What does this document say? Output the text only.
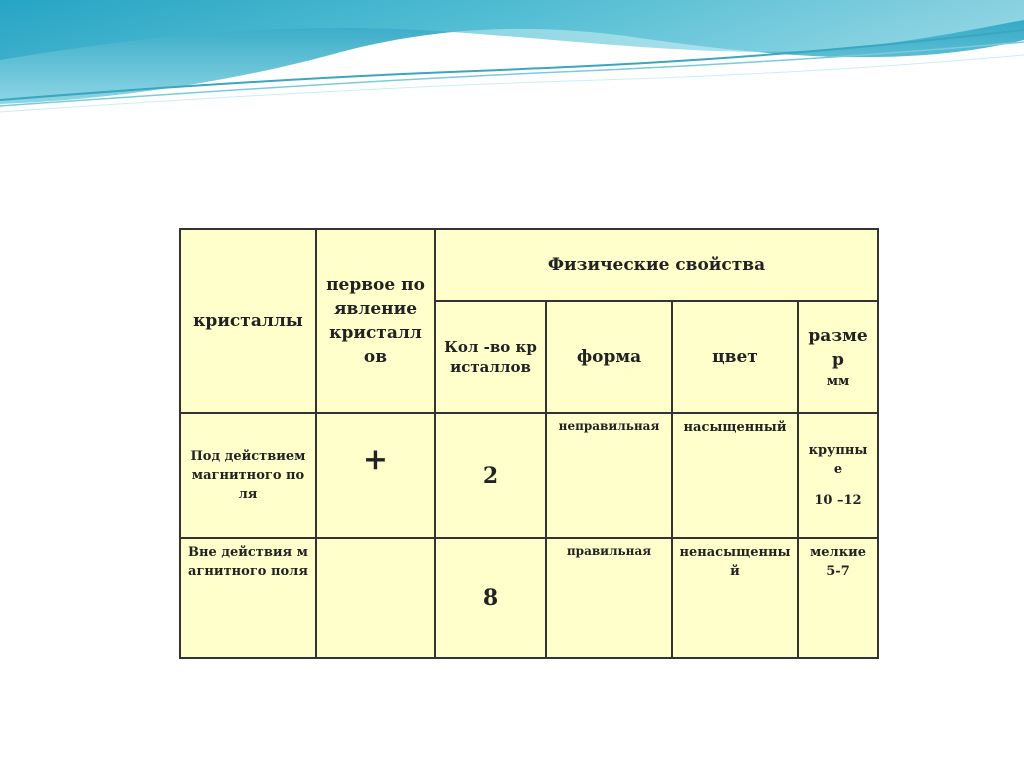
кристаллы	первое появление кристаллов	Физические свойства			

		Кол -во кристаллов	форма	цвет	размер
мм

Под действием магнитного поля	+	2	неправильная	насыщенный	крупные
10 –12

Вне действия магнитного поля		8	правильная	ненасыщенный	мелкие
5-7
